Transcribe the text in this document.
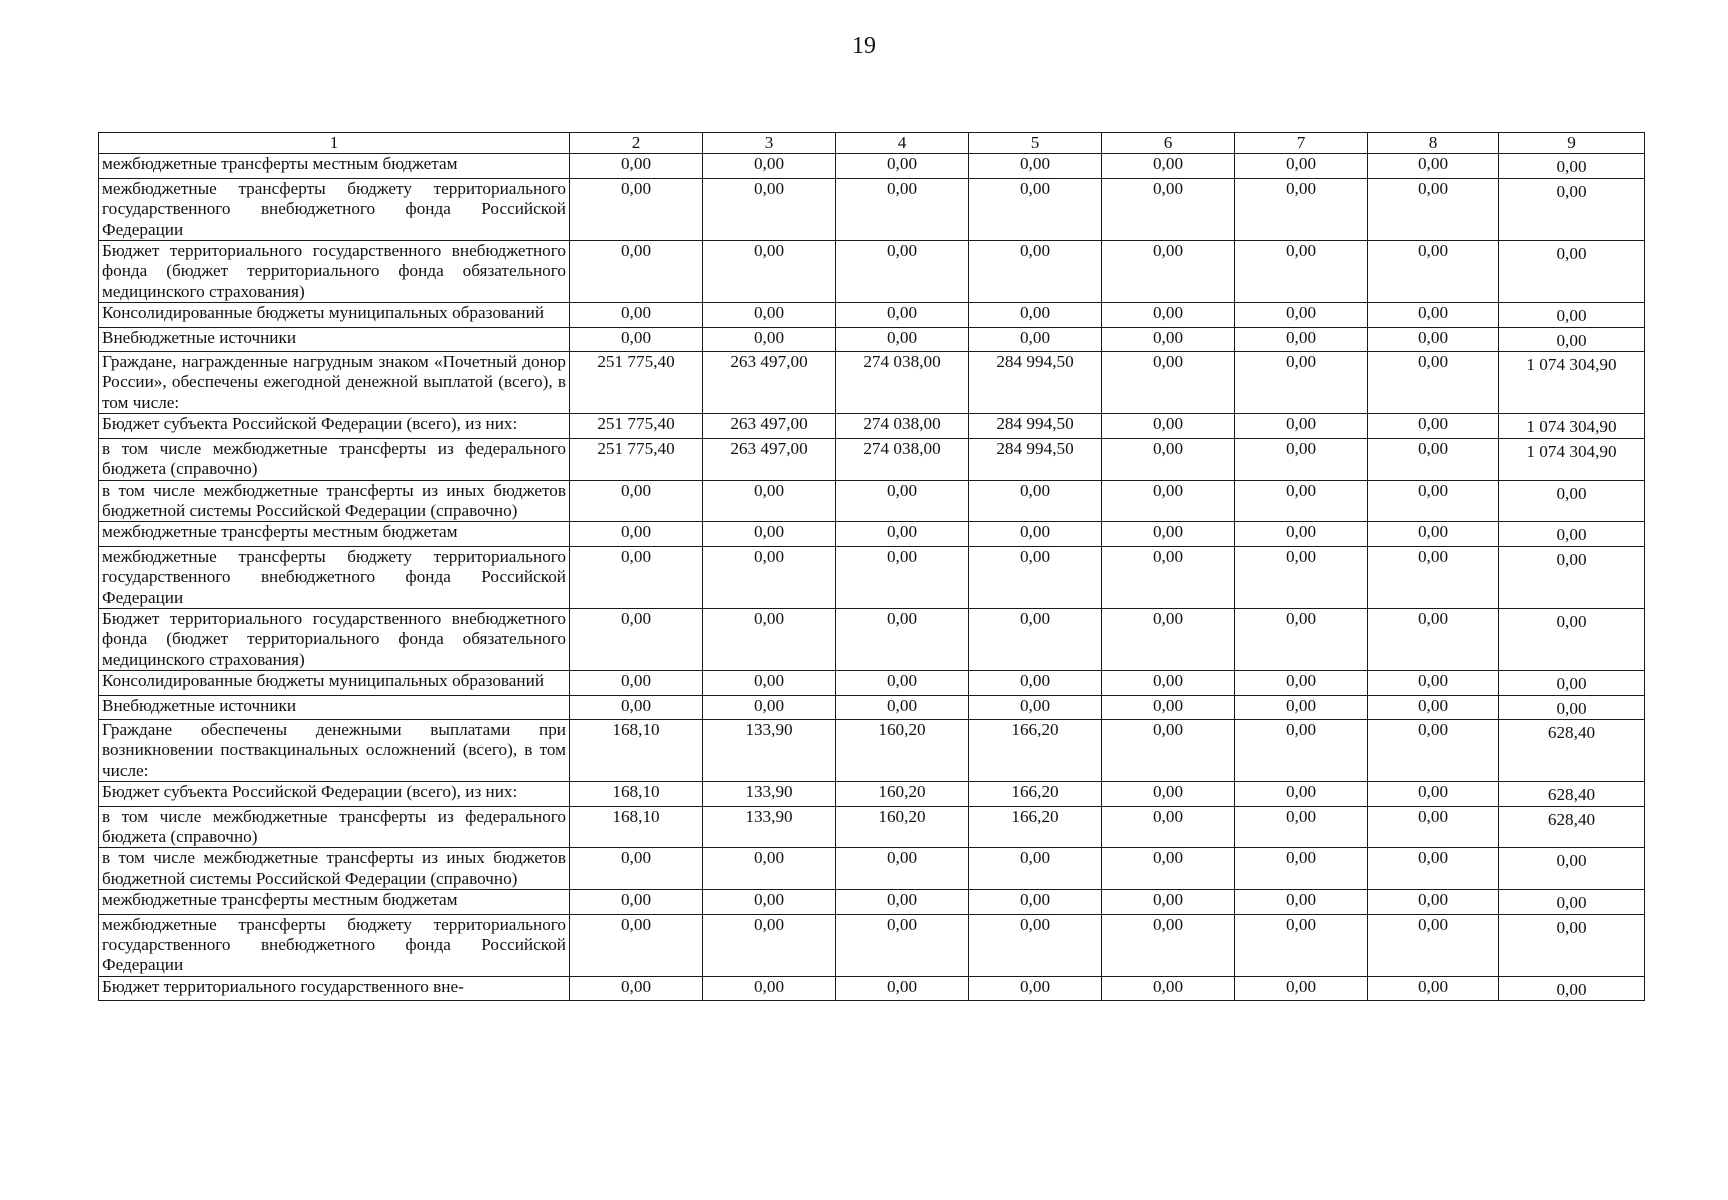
19
1	2	3	4	5	6	7	8	9
межбюджетные трансферты местным бюджетам	0,00	0,00	0,00	0,00	0,00	0,00	0,00	0,00
межбюджетные трансферты бюджету территориального государственного внебюджетного фонда Российской Федерации	0,00	0,00	0,00	0,00	0,00	0,00	0,00	0,00
Бюджет территориального государственного внебюджетного фонда (бюджет территориального фонда обязательного медицинского страхования)	0,00	0,00	0,00	0,00	0,00	0,00	0,00	0,00
Консолидированные бюджеты муниципальных образований	0,00	0,00	0,00	0,00	0,00	0,00	0,00	0,00
Внебюджетные источники	0,00	0,00	0,00	0,00	0,00	0,00	0,00	0,00
Граждане, награжденные нагрудным знаком «Почетный донор России», обеспечены ежегодной денежной выплатой (всего), в том числе:	251 775,40	263 497,00	274 038,00	284 994,50	0,00	0,00	0,00	1 074 304,90
Бюджет субъекта Российской Федерации (всего), из них:	251 775,40	263 497,00	274 038,00	284 994,50	0,00	0,00	0,00	1 074 304,90
в том числе межбюджетные трансферты из федерального бюджета (справочно)	251 775,40	263 497,00	274 038,00	284 994,50	0,00	0,00	0,00	1 074 304,90
в том числе межбюджетные трансферты из иных бюджетов бюджетной системы Российской Федерации (справочно)	0,00	0,00	0,00	0,00	0,00	0,00	0,00	0,00
межбюджетные трансферты местным бюджетам	0,00	0,00	0,00	0,00	0,00	0,00	0,00	0,00
межбюджетные трансферты бюджету территориального государственного внебюджетного фонда Российской Федерации	0,00	0,00	0,00	0,00	0,00	0,00	0,00	0,00
Бюджет территориального государственного внебюджетного фонда (бюджет территориального фонда обязательного медицинского страхования)	0,00	0,00	0,00	0,00	0,00	0,00	0,00	0,00
Консолидированные бюджеты муниципальных образований	0,00	0,00	0,00	0,00	0,00	0,00	0,00	0,00
Внебюджетные источники	0,00	0,00	0,00	0,00	0,00	0,00	0,00	0,00
Граждане обеспечены денежными выплатами при возникновении поствакцинальных осложнений (всего), в том числе:	168,10	133,90	160,20	166,20	0,00	0,00	0,00	628,40
Бюджет субъекта Российской Федерации (всего), из них:	168,10	133,90	160,20	166,20	0,00	0,00	0,00	628,40
в том числе межбюджетные трансферты из федерального бюджета (справочно)	168,10	133,90	160,20	166,20	0,00	0,00	0,00	628,40
в том числе межбюджетные трансферты из иных бюджетов бюджетной системы Российской Федерации (справочно)	0,00	0,00	0,00	0,00	0,00	0,00	0,00	0,00
межбюджетные трансферты местным бюджетам	0,00	0,00	0,00	0,00	0,00	0,00	0,00	0,00
межбюджетные трансферты бюджету территориального государственного внебюджетного фонда Российской Федерации	0,00	0,00	0,00	0,00	0,00	0,00	0,00	0,00
Бюджет территориального государственного вне-	0,00	0,00	0,00	0,00	0,00	0,00	0,00	0,00
